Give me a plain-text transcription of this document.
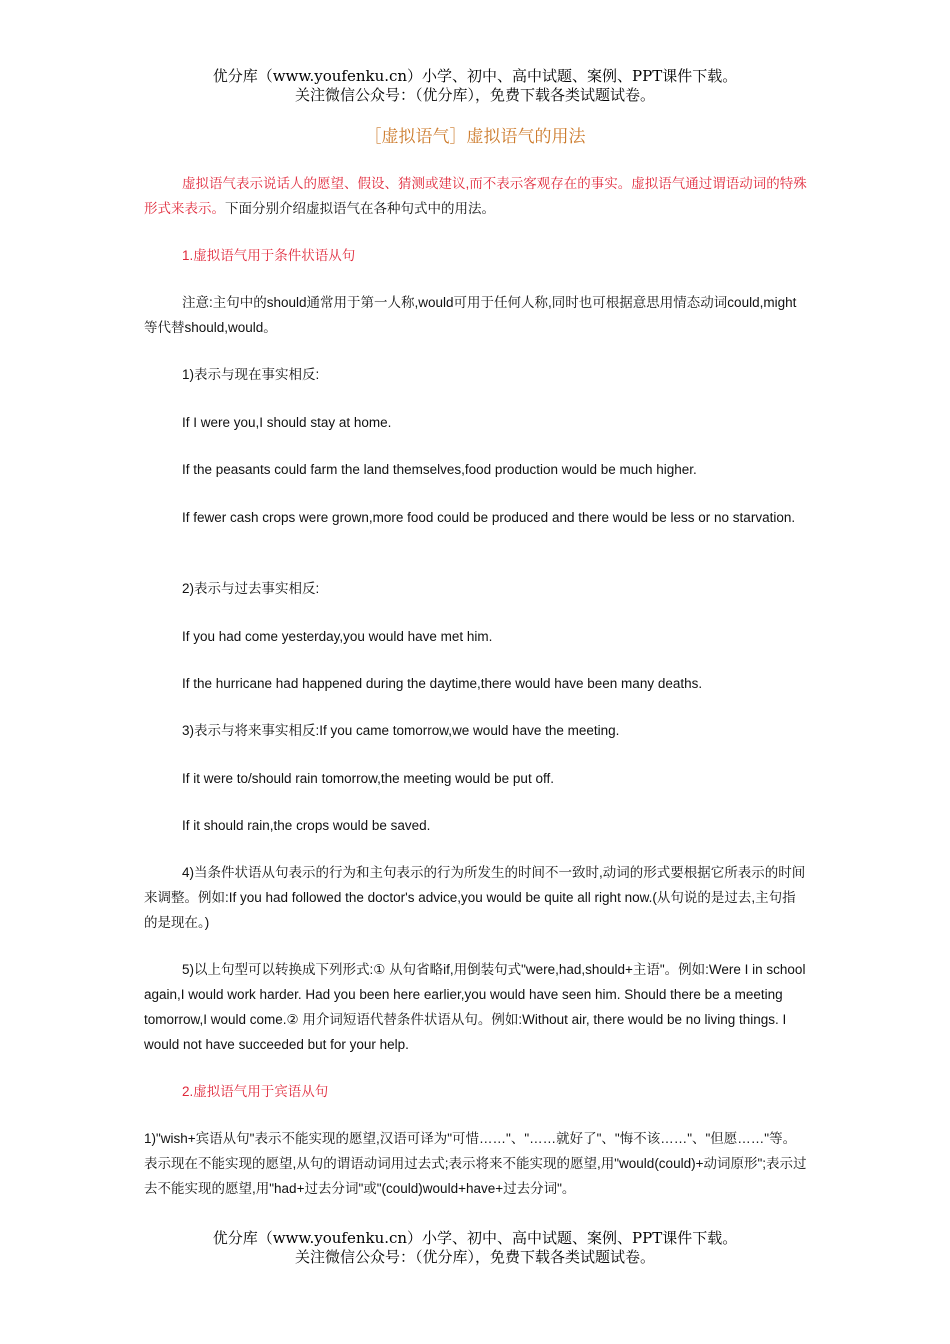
优分库（www.youfenku.cn）小学、初中、高中试题、案例、PPT课件下载。
关注微信公众号：（优分库），免费下载各类试题试卷。
［虚拟语气］虚拟语气的用法

虚拟语气表示说话人的愿望、假设、猜测或建议,而不表示客观存在的事实。虚拟语气通过谓语动词的特殊形式来表示。下面分别介绍虚拟语气在各种句式中的用法。

1.虚拟语气用于条件状语从句

注意:主句中的should通常用于第一人称,would可用于任何人称,同时也可根据意思用情态动词could,might等代替should,would。

1)表示与现在事实相反:

If I were you,I should stay at home.

If the peasants could farm the land themselves,food production would be much higher.

If fewer cash crops were grown,more food could be produced and there would be less or no starvation.

2)表示与过去事实相反:

If you had come yesterday,you would have met him.

If the hurricane had happened during the daytime,there would have been many deaths.

3)表示与将来事实相反:If you came tomorrow,we would have the meeting.

If it were to/should rain tomorrow,the meeting would be put off.

If it should rain,the crops would be saved.

4)当条件状语从句表示的行为和主句表示的行为所发生的时间不一致时,动词的形式要根据它所表示的时间来调整。例如:If you had followed the doctor's advice,you would be quite all right now.(从句说的是过去,主句指的是现在。)

5)以上句型可以转换成下列形式:① 从句省略if,用倒装句式"were,had,should+主语"。例如:Were I in school again,I would work harder. Had you been here earlier,you would have seen him. Should there be a meeting tomorrow,I would come.② 用介词短语代替条件状语从句。例如:Without air, there would be no living things. I would not have succeeded but for your help.

2.虚拟语气用于宾语从句

1)"wish+宾语从句"表示不能实现的愿望,汉语可译为"可惜……"、"……就好了"、"悔不该……"、"但愿……"等。表示现在不能实现的愿望,从句的谓语动词用过去式;表示将来不能实现的愿望,用"would(could)+动词原形";表示过去不能实现的愿望,用"had+过去分词"或"(could)would+have+过去分词"。

优分库（www.youfenku.cn）小学、初中、高中试题、案例、PPT课件下载。
关注微信公众号：（优分库），免费下载各类试题试卷。
